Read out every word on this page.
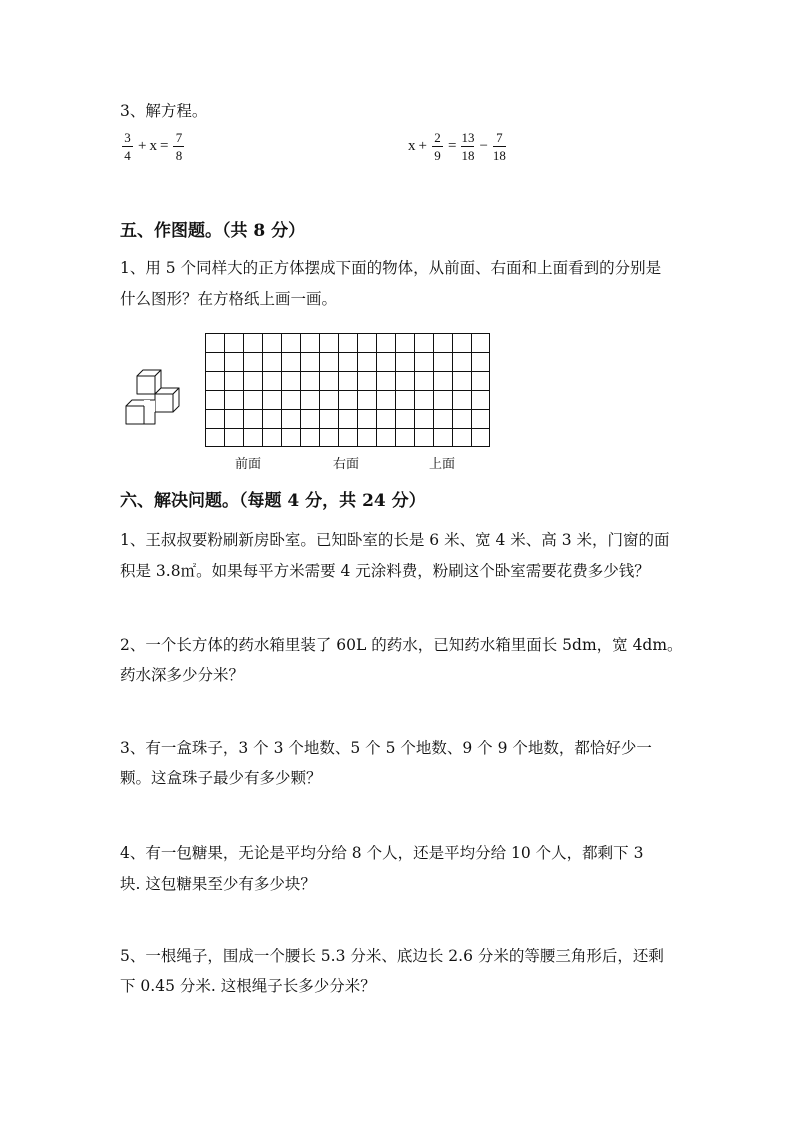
3、解方程。
$\frac{3}{4} + x = \frac{7}{8}$	$x + \frac{2}{9} = \frac{13}{18} - \frac{7}{18}$
五、作图题。（共 8 分）
1、用 5 个同样大的正方体摆成下面的物体，从前面、右面和上面看到的分别是
什么图形？在方格纸上画一画。
前面	右面	上面
六、解决问题。（每题 4 分，共 24 分）
1、王叔叔要粉刷新房卧室。已知卧室的长是 6 米、宽 4 米、高 3 米，门窗的面
积是 3.8㎡。如果每平方米需要 4 元涂料费，粉刷这个卧室需要花费多少钱？
2、一个长方体的药水箱里装了 60L 的药水，已知药水箱里面长 5dm，宽 4dm。
药水深多少分米？
3、有一盒珠子，3 个 3 个地数、5 个 5 个地数、9 个 9 个地数，都恰好少一
颗。这盒珠子最少有多少颗？
4、有一包糖果，无论是平均分给 8 个人，还是平均分给 10 个人，都剩下 3
块. 这包糖果至少有多少块？
5、一根绳子，围成一个腰长 5.3 分米、底边长 2.6 分米的等腰三角形后，还剩
下 0.45 分米. 这根绳子长多少分米？
